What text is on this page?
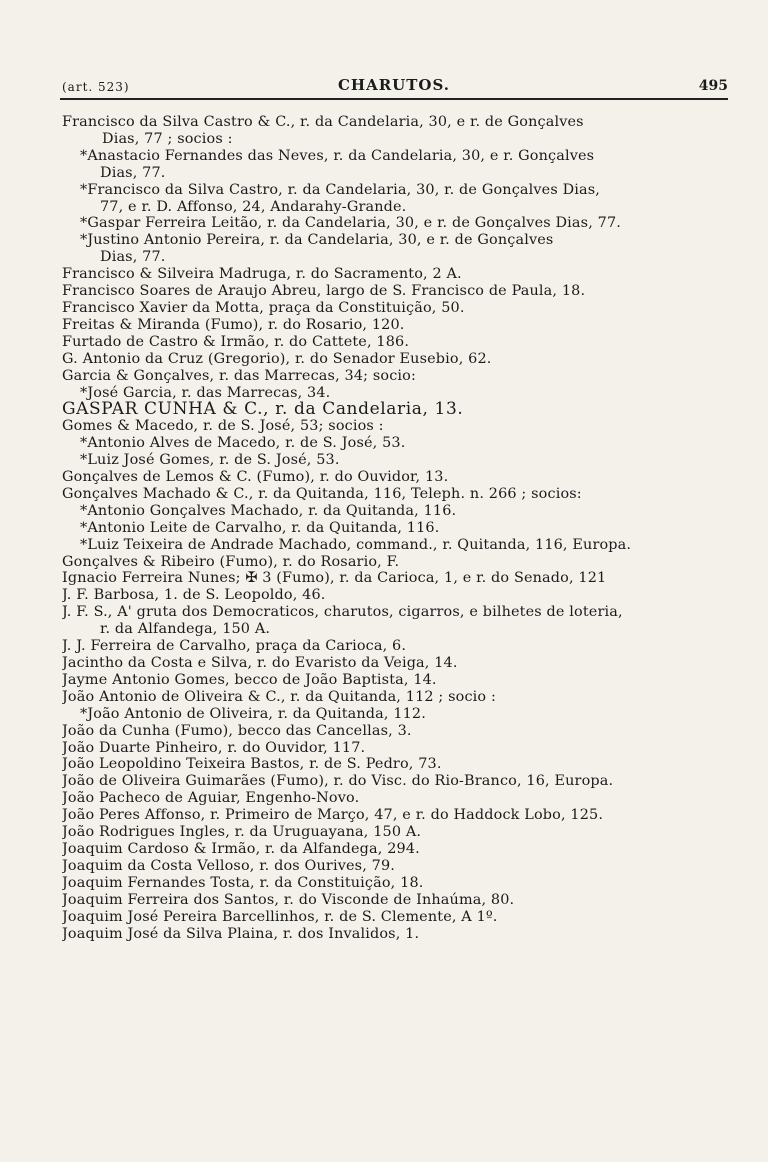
(art. 523)	CHARUTOS.	495
Francisco da Silva Castro & C., r. da Candelaria, 30, e r. de Gonçalves
Dias, 77 ; socios :
*Anastacio Fernandes das Neves, r. da Candelaria, 30, e r. Gonçalves
Dias, 77.
*Francisco da Silva Castro, r. da Candelaria, 30, r. de Gonçalves Dias,
77, e r. D. Affonso, 24, Andarahy-Grande.
*Gaspar Ferreira Leitão, r. da Candelaria, 30, e r. de Gonçalves Dias, 77.
*Justino Antonio Pereira, r. da Candelaria, 30, e r. de Gonçalves
Dias, 77.
Francisco & Silveira Madruga, r. do Sacramento, 2 A.
Francisco Soares de Araujo Abreu, largo de S. Francisco de Paula, 18.
Francisco Xavier da Motta, praça da Constituição, 50.
Freitas & Miranda (Fumo), r. do Rosario, 120.
Furtado de Castro & Irmão, r. do Cattete, 186.
G. Antonio da Cruz (Gregorio), r. do Senador Eusebio, 62.
Garcia & Gonçalves, r. das Marrecas, 34; socio:
*José Garcia, r. das Marrecas, 34.
GASPAR CUNHA & C., r. da Candelaria, 13.
Gomes & Macedo, r. de S. José, 53; socios :
*Antonio Alves de Macedo, r. de S. José, 53.
*Luiz José Gomes, r. de S. José, 53.
Gonçalves de Lemos & C. (Fumo), r. do Ouvidor, 13.
Gonçalves Machado & C., r. da Quitanda, 116, Teleph. n. 266 ; socios:
*Antonio Gonçalves Machado, r. da Quitanda, 116.
*Antonio Leite de Carvalho, r. da Quitanda, 116.
*Luiz Teixeira de Andrade Machado, command., r. Quitanda, 116, Europa.
Gonçalves & Ribeiro (Fumo), r. do Rosario, F.
Ignacio Ferreira Nunes; ✠ 3 (Fumo), r. da Carioca, 1, e r. do Senado, 121
J. F. Barbosa, 1. de S. Leopoldo, 46.
J. F. S., A' gruta dos Democraticos, charutos, cigarros, e bilhetes de loteria,
r. da Alfandega, 150 A.
J. J. Ferreira de Carvalho, praça da Carioca, 6.
Jacintho da Costa e Silva, r. do Evaristo da Veiga, 14.
Jayme Antonio Gomes, becco de João Baptista, 14.
João Antonio de Oliveira & C., r. da Quitanda, 112 ; socio :
*João Antonio de Oliveira, r. da Quitanda, 112.
João da Cunha (Fumo), becco das Cancellas, 3.
João Duarte Pinheiro, r. do Ouvidor, 117.
João Leopoldino Teixeira Bastos, r. de S. Pedro, 73.
João de Oliveira Guimarães (Fumo), r. do Visc. do Rio-Branco, 16, Europa.
João Pacheco de Aguiar, Engenho-Novo.
João Peres Affonso, r. Primeiro de Março, 47, e r. do Haddock Lobo, 125.
João Rodrigues Ingles, r. da Uruguayana, 150 A.
Joaquim Cardoso & Irmão, r. da Alfandega, 294.
Joaquim da Costa Velloso, r. dos Ourives, 79.
Joaquim Fernandes Tosta, r. da Constituição, 18.
Joaquim Ferreira dos Santos, r. do Visconde de Inhaúma, 80.
Joaquim José Pereira Barcellinhos, r. de S. Clemente, A 1º.
Joaquim José da Silva Plaina, r. dos Invalidos, 1.
